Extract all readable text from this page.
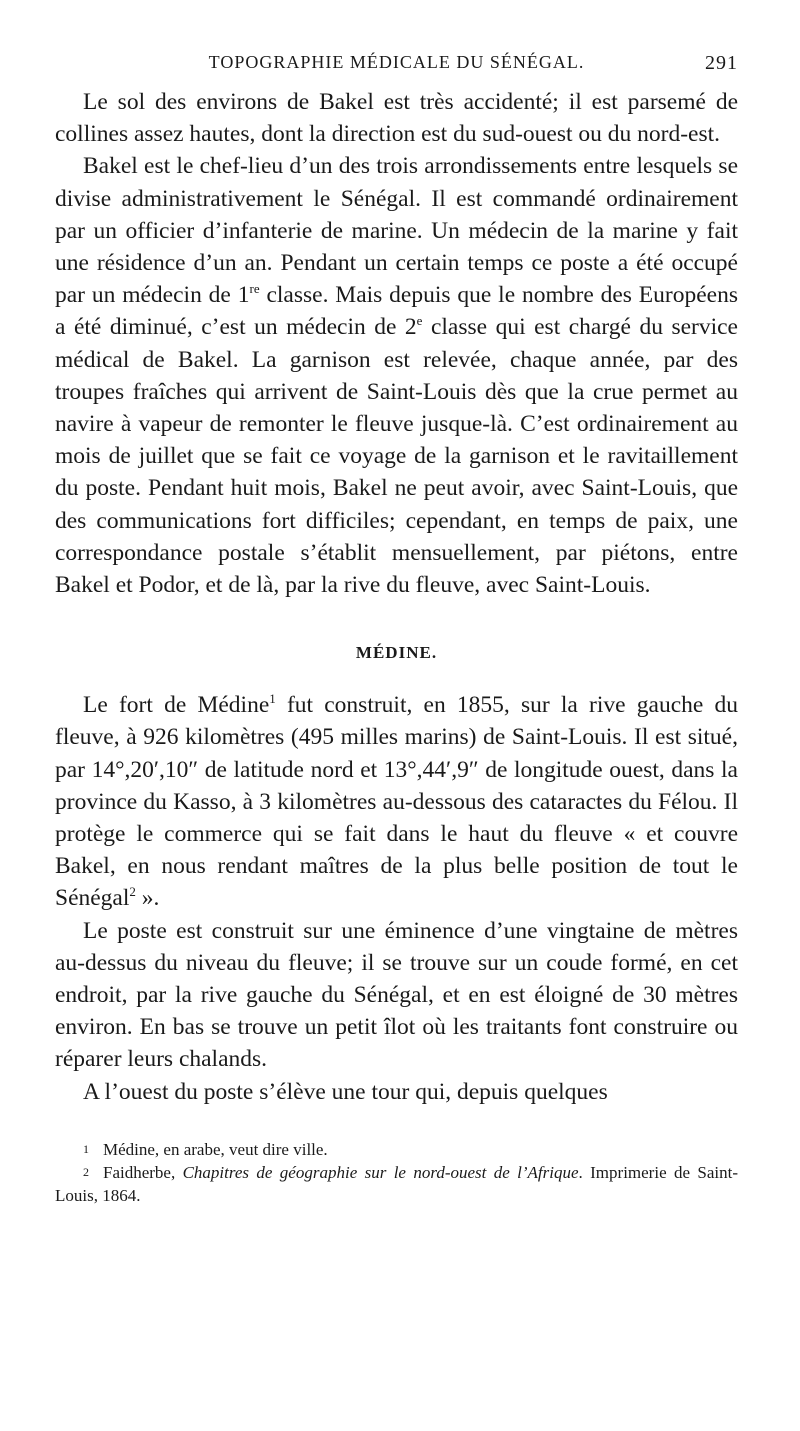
TOPOGRAPHIE MÉDICALE DU SÉNÉGAL.	291

Le sol des environs de Bakel est très accidenté; il est parsemé de collines assez hautes, dont la direction est du sud-ouest ou du nord-est.

Bakel est le chef-lieu d’un des trois arrondissements entre lesquels se divise administrativement le Sénégal. Il est commandé ordinairement par un officier d’infanterie de marine. Un médecin de la marine y fait une résidence d’un an. Pendant un certain temps ce poste a été occupé par un médecin de 1re classe. Mais depuis que le nombre des Européens a été diminué, c’est un médecin de 2e classe qui est chargé du service médical de Bakel. La garnison est relevée, chaque année, par des troupes fraîches qui arrivent de Saint-Louis dès que la crue permet au navire à vapeur de remonter le fleuve jusque-là. C’est ordinairement au mois de juillet que se fait ce voyage de la garnison et le ravitaillement du poste. Pendant huit mois, Bakel ne peut avoir, avec Saint-Louis, que des communications fort difficiles; cependant, en temps de paix, une correspondance postale s’établit mensuellement, par piétons, entre Bakel et Podor, et de là, par la rive du fleuve, avec Saint-Louis.

MÉDINE.

Le fort de Médine$^1$ fut construit, en 1855, sur la rive gauche du fleuve, à 926 kilomètres (495 milles marins) de Saint-Louis. Il est situé, par 14°,20′,10″ de latitude nord et 13°,44′,9″ de longitude ouest, dans la province du Kasso, à 3 kilomètres au-dessous des cataractes du Félou. Il protège le commerce qui se fait dans le haut du fleuve « et couvre Bakel, en nous rendant maîtres de la plus belle position de tout le Sénégal$^2$ ».

Le poste est construit sur une éminence d’une vingtaine de mètres au-dessus du niveau du fleuve; il se trouve sur un coude formé, en cet endroit, par la rive gauche du Sénégal, et en est éloigné de 30 mètres environ. En bas se trouve un petit îlot où les traitants font construire ou réparer leurs chalands.

A l’ouest du poste s’élève une tour qui, depuis quelques

1 Médine, en arabe, veut dire ville.

2 Faidherbe, Chapitres de géographie sur le nord-ouest de l’Afrique. Imprimerie de Saint-Louis, 1864.
